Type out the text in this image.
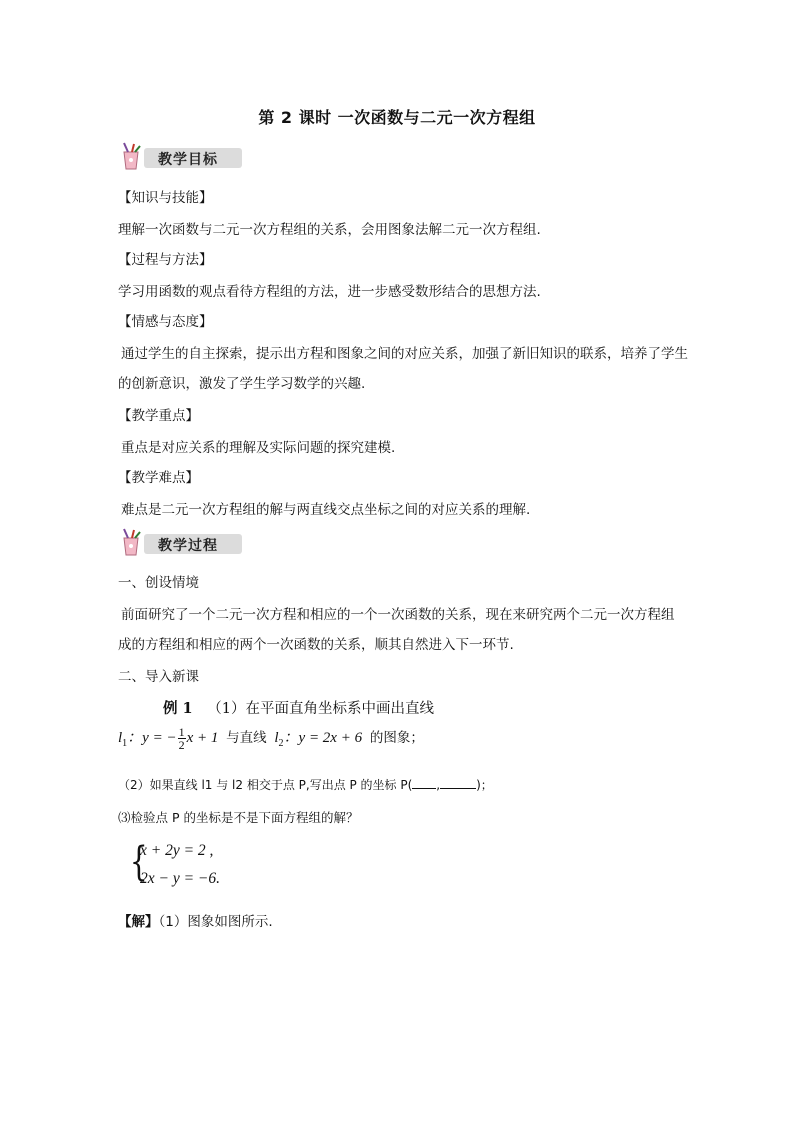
第 2 课时 一次函数与二元一次方程组
教学目标
【知识与技能】
理解一次函数与二元一次方程组的关系，会用图象法解二元一次方程组.
【过程与方法】
学习用函数的观点看待方程组的方法，进一步感受数形结合的思想方法.
【情感与态度】
通过学生的自主探索，提示出方程和图象之间的对应关系，加强了新旧知识的联系，培养了学生
的创新意识，激发了学生学习数学的兴趣.
【教学重点】
重点是对应关系的理解及实际问题的探究建模.
【教学难点】
难点是二元一次方程组的解与两直线交点坐标之间的对应关系的理解.
教学过程
一、创设情境
前面研究了一个二元一次方程和相应的一个一次函数的关系，现在来研究两个二元一次方程组
成的方程组和相应的两个一次函数的关系，顺其自然进入下一环节.
二、导入新课
例 1 （1）在平面直角坐标系中画出直线
$l_1$：y = − $\frac{1}{2}$ x + 1 与直线 $l_2$：y = 2x + 6 的图象；
（2）如果直线 l1 与 l2 相交于点 P,写出点 P 的坐标 P( ,	)；
⑶检验点 P 的坐标是不是下面方程组的解？
{
x + 2y = 2 ,
2x − y = −6.
【解】（1）图象如图所示.
